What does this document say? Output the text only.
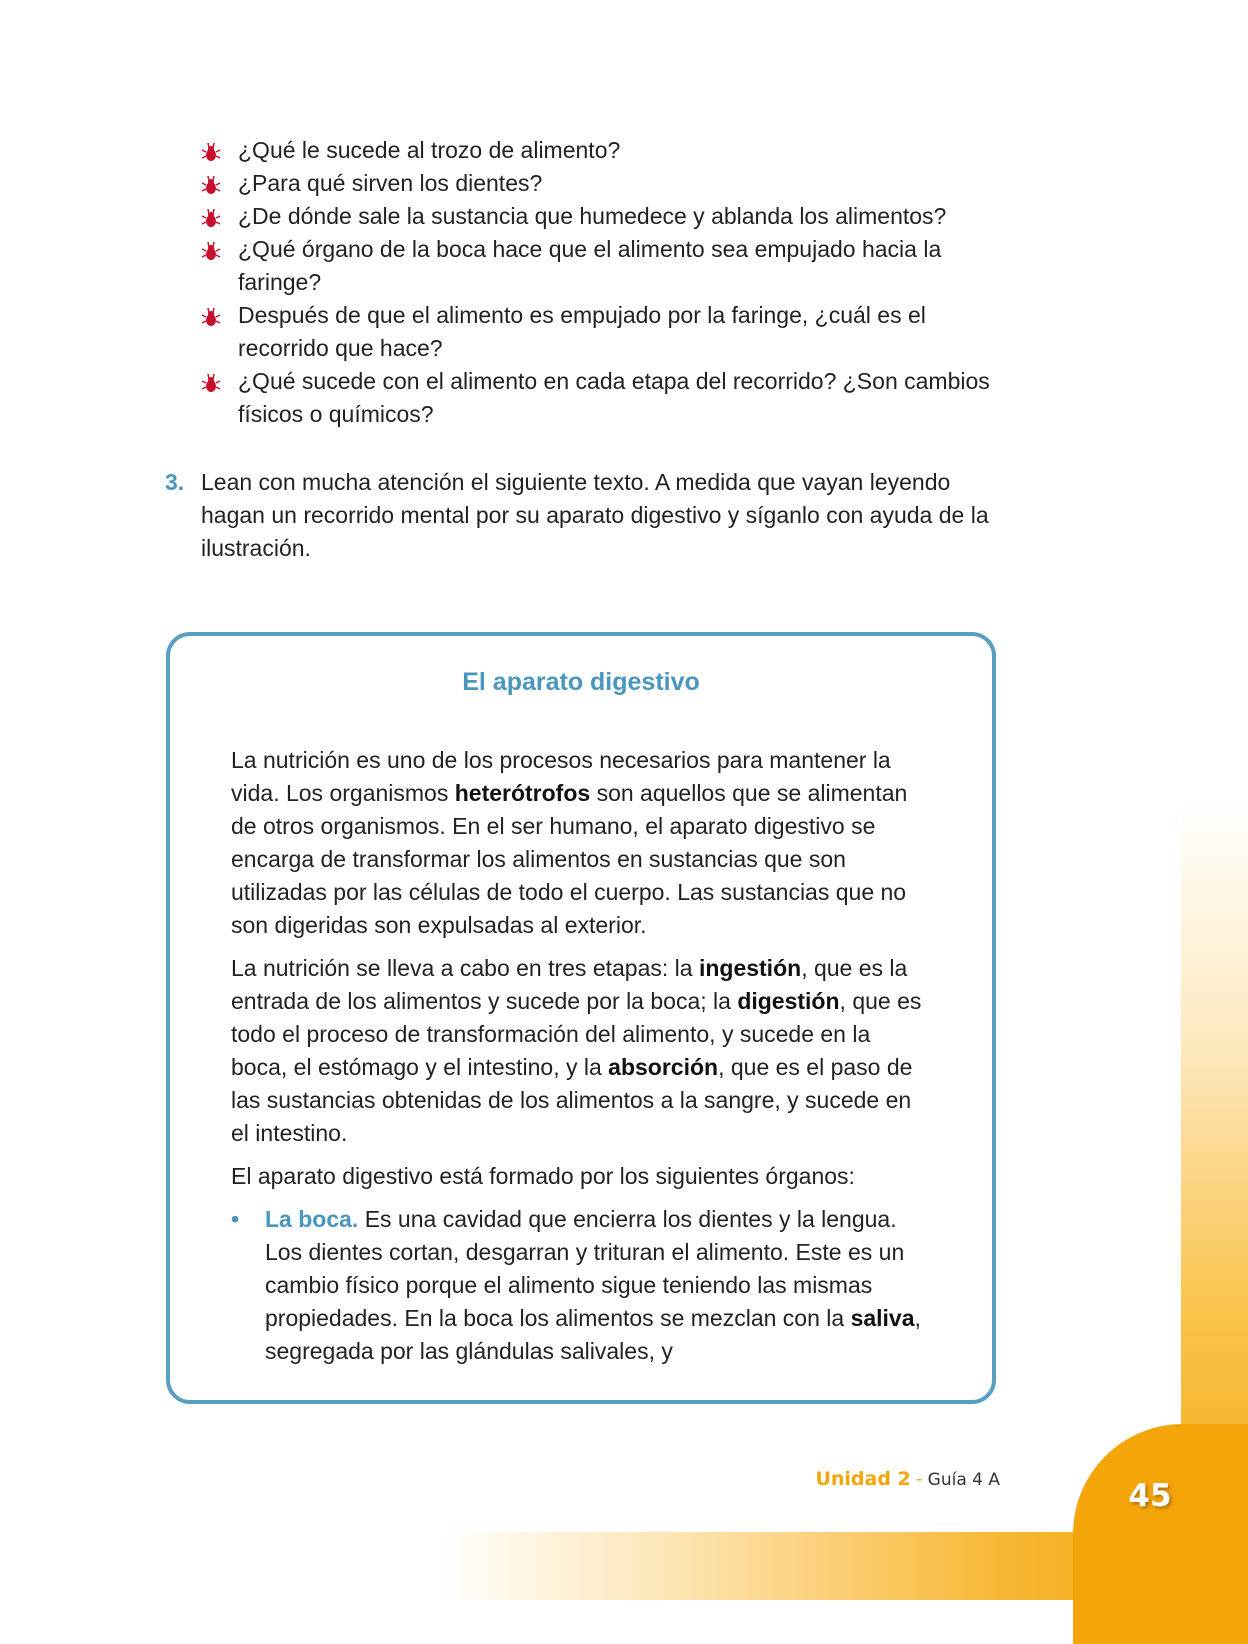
45
¿Qué le sucede al trozo de alimento?
¿Para qué sirven los dientes?
¿De dónde sale la sustancia que humedece y ablanda los alimentos?
¿Qué órgano de la boca hace que el alimento sea empujado hacia la faringe?
Después de que el alimento es empujado por la faringe, ¿cuál es el recorrido que hace?
¿Qué sucede con el alimento en cada etapa del recorrido? ¿Son cambios físicos o químicos?
3. Lean con mucha atención el siguiente texto. A medida que vayan leyendo hagan un recorrido mental por su aparato digestivo y síganlo con ayuda de la ilustración.
El aparato digestivo

La nutrición es uno de los procesos necesarios para mantener la vida. Los organismos heterótrofos son aquellos que se alimentan de otros organismos. En el ser humano, el aparato digestivo se encarga de transformar los alimentos en sustancias que son utilizadas por las células de todo el cuerpo. Las sustancias que no son digeridas son expulsadas al exterior.

La nutrición se lleva a cabo en tres etapas: la ingestión, que es la entrada de los alimentos y sucede por la boca; la digestión, que es todo el proceso de transformación del alimento, y sucede en la boca, el estómago y el intestino, y la absorción, que es el paso de las sustancias obtenidas de los alimentos a la sangre, y sucede en el intestino.

El aparato digestivo está formado por los siguientes órganos:

• La boca. Es una cavidad que encierra los dientes y la lengua. Los dientes cortan, desgarran y trituran el alimento. Este es un cambio físico porque el alimento sigue teniendo las mismas propiedades. En la boca los alimentos se mezclan con la saliva, segregada por las glándulas salivales, y

Unidad 2 - Guía 4 A
